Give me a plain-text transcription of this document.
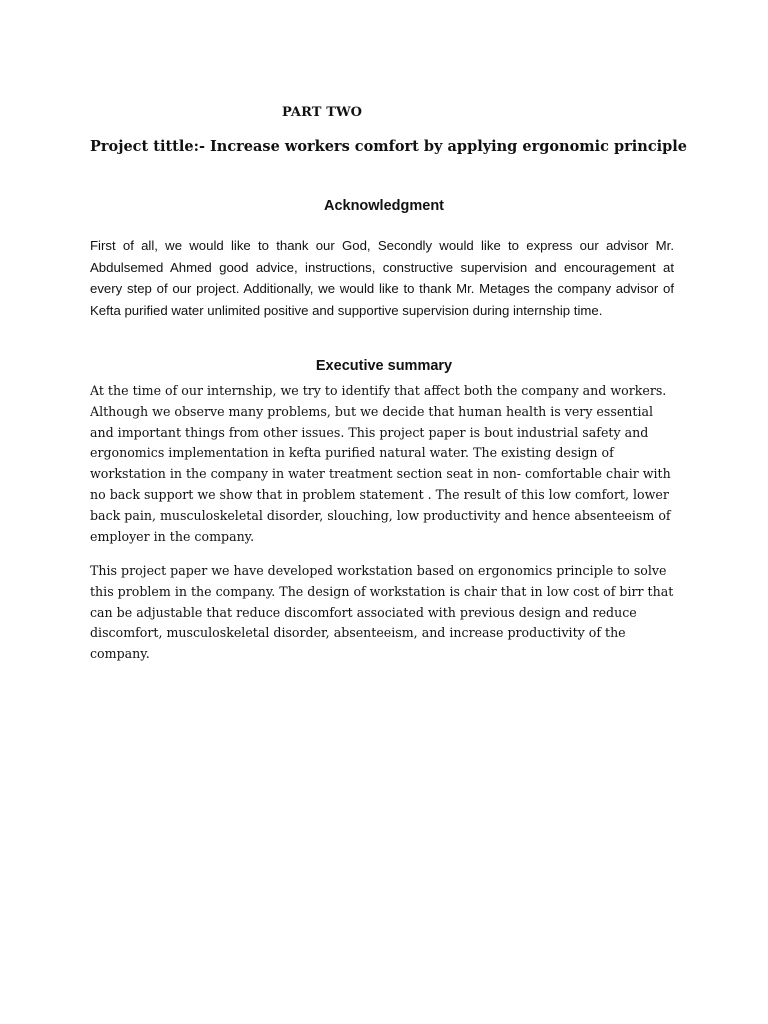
PART TWO
Project tittle:- Increase workers comfort by applying ergonomic principle
Acknowledgment

First of all, we would like to thank our God, Secondly would like to express our advisor Mr. Abdulsemed Ahmed good advice, instructions, constructive supervision and encouragement at every step of our project. Additionally, we would like to thank Mr. Metages the company advisor of Kefta purified water unlimited positive and supportive supervision during internship time.

Executive summary

At the time of our internship, we try to identify that affect both the company and workers. Although we observe many problems, but we decide that human health is very essential and important things from other issues. This project paper is bout industrial safety and ergonomics implementation in kefta purified natural water. The existing design of workstation in the company in water treatment section seat in non- comfortable chair with no back support we show that in problem statement . The result of this low comfort, lower back pain, musculoskeletal disorder, slouching, low productivity and hence absenteeism of employer in the company.

This project paper we have developed workstation based on ergonomics principle to solve this problem in the company. The design of workstation is chair that in low cost of birr that can be adjustable that reduce discomfort associated with previous design and reduce discomfort, musculoskeletal disorder, absenteeism, and increase productivity of the company.
